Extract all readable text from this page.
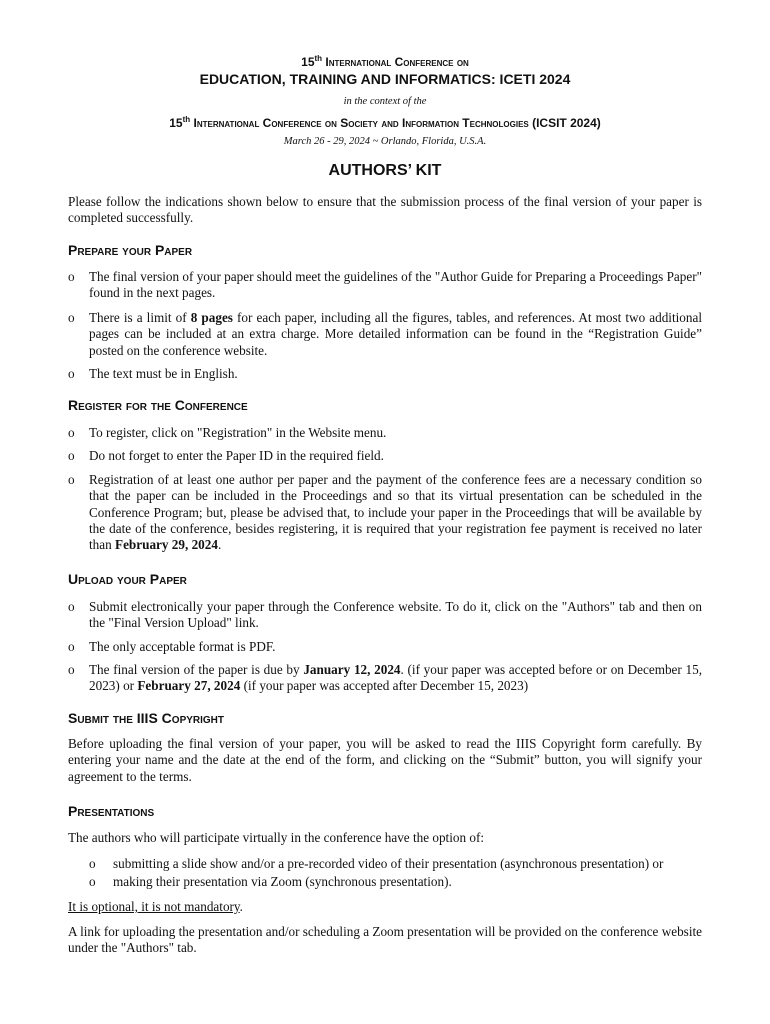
15th International Conference on
EDUCATION, TRAINING AND INFORMATICS: ICETI 2024
in the context of the
15th International Conference on Society and Information Technologies (ICSIT 2024)
March 26 - 29, 2024 ~ Orlando, Florida, U.S.A.
AUTHORS’ KIT
Please follow the indications shown below to ensure that the submission process of the final version of your paper is completed successfully.
Prepare your Paper
o The final version of your paper should meet the guidelines of the "Author Guide for Preparing a Proceedings Paper" found in the next pages.
o There is a limit of 8 pages for each paper, including all the figures, tables, and references. At most two additional pages can be included at an extra charge. More detailed information can be found in the “Registration Guide” posted on the conference website.
o The text must be in English.
Register for the Conference
o To register, click on "Registration" in the Website menu.
o Do not forget to enter the Paper ID in the required field.
o Registration of at least one author per paper and the payment of the conference fees are a necessary condition so that the paper can be included in the Proceedings and so that its virtual presentation can be scheduled in the Conference Program; but, please be advised that, to include your paper in the Proceedings that will be available by the date of the conference, besides registering, it is required that your registration fee payment is received no later than February 29, 2024.
Upload your Paper
o Submit electronically your paper through the Conference website. To do it, click on the "Authors" tab and then on the "Final Version Upload" link.
o The only acceptable format is PDF.
o The final version of the paper is due by January 12, 2024. (if your paper was accepted before or on December 15, 2023) or February 27, 2024 (if your paper was accepted after December 15, 2023)
Submit the IIIS Copyright
Before uploading the final version of your paper, you will be asked to read the IIIS Copyright form carefully. By entering your name and the date at the end of the form, and clicking on the “Submit” button, you will signify your agreement to the terms.
Presentations
The authors who will participate virtually in the conference have the option of:
o submitting a slide show and/or a pre-recorded video of their presentation (asynchronous presentation) or
o making their presentation via Zoom (synchronous presentation).
It is optional, it is not mandatory.
A link for uploading the presentation and/or scheduling a Zoom presentation will be provided on the conference website under the "Authors" tab.
